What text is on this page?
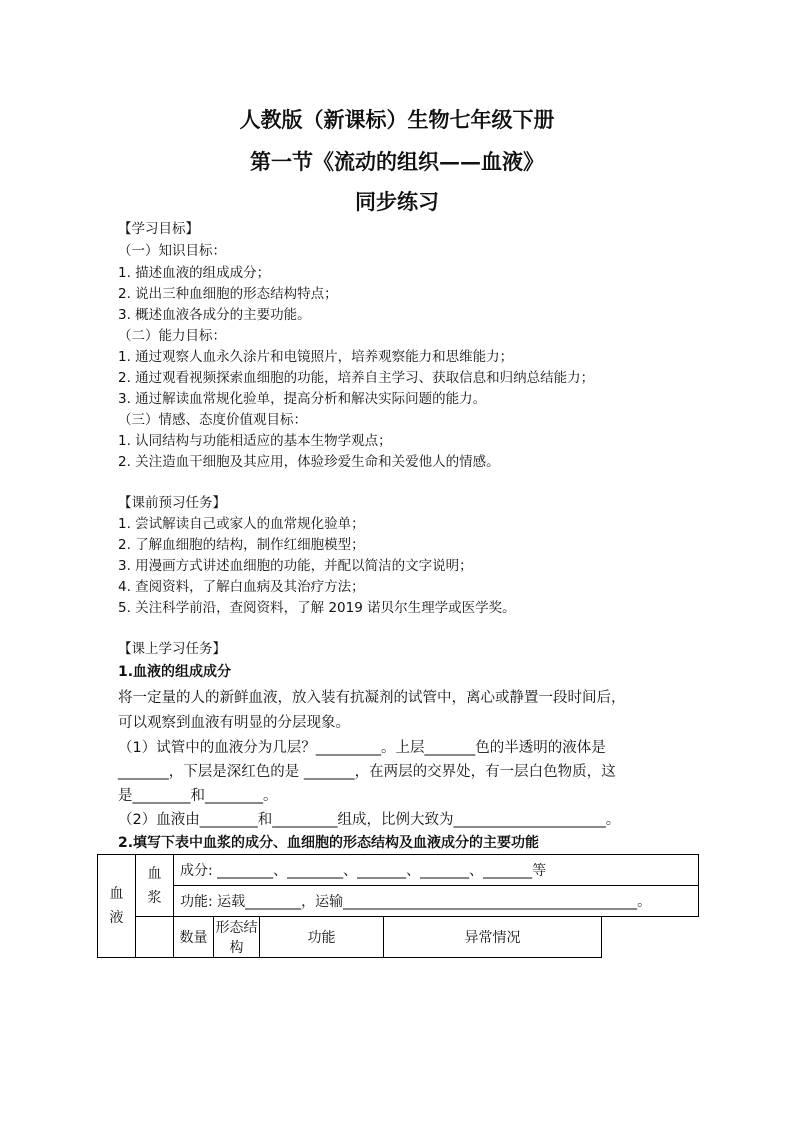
人教版（新课标）生物七年级下册
第一节《流动的组织——血液》
同步练习

【学习目标】

（一）知识目标：

1. 描述血液的组成成分；

2. 说出三种血细胞的形态结构特点；

3. 概述血液各成分的主要功能。

（二）能力目标：

1. 通过观察人血永久涂片和电镜照片，培养观察能力和思维能力；

2. 通过观看视频探索血细胞的功能，培养自主学习、获取信息和归纳总结能力；

3. 通过解读血常规化验单，提高分析和解决实际问题的能力。

（三）情感、态度价值观目标：

1. 认同结构与功能相适应的基本生物学观点；

2. 关注造血干细胞及其应用，体验珍爱生命和关爱他人的情感。

【课前预习任务】

1. 尝试解读自己或家人的血常规化验单；

2. 了解血细胞的结构，制作红细胞模型；

3. 用漫画方式讲述血细胞的功能，并配以简洁的文字说明；

4. 查阅资料，了解白血病及其治疗方法；

5. 关注科学前沿，查阅资料，了解 2019 诺贝尔生理学或医学奖。

【课上学习任务】

1.血液的组成成分

将一定量的人的新鲜血液，放入装有抗凝剂的试管中，离心或静置一段时间后，

可以观察到血液有明显的分层现象。

（1）试管中的血液分为几层？_________。上层_______色的半透明的液体是

_______，下层是深红色的是 _______，在两层的交界处，有一层白色物质，这

是________和________。

（2）血液由________和_________组成，比例大致为_____________________。

2.填写下表中血浆的成分、血细胞的形态结构及血液成分的主要功能

血液	血浆	成分: ________、________、_______、_______、_______等			
		功能: 运载________，运输__________________________________________。			
		数量	形态结构	功能	异常情况
